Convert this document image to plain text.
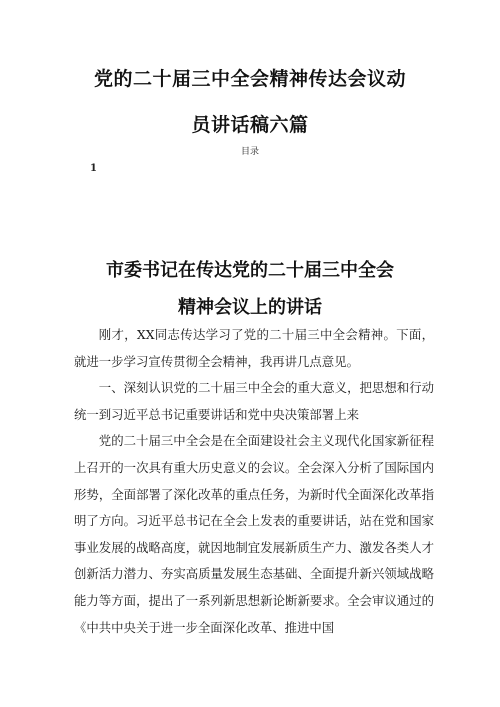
党的二十届三中全会精神传达会议动
员讲话稿六篇
目录
1
市委书记在传达党的二十届三中全会
精神会议上的讲话

刚才，XX同志传达学习了党的二十届三中全会精神。下面，就进一步学习宣传贯彻全会精神，我再讲几点意见。

一、深刻认识党的二十届三中全会的重大意义，把思想和行动统一到习近平总书记重要讲话和党中央决策部署上来

党的二十届三中全会是在全面建设社会主义现代化国家新征程上召开的一次具有重大历史意义的会议。全会深入分析了国际国内形势，全面部署了深化改革的重点任务，为新时代全面深化改革指明了方向。习近平总书记在全会上发表的重要讲话，站在党和国家事业发展的战略高度，就因地制宜发展新质生产力、激发各类人才创新活力潜力、夯实高质量发展生态基础、全面提升新兴领域战略能力等方面，提出了一系列新思想新论断新要求。全会审议通过的《中共中央关于进一步全面深化改革、推进中国
